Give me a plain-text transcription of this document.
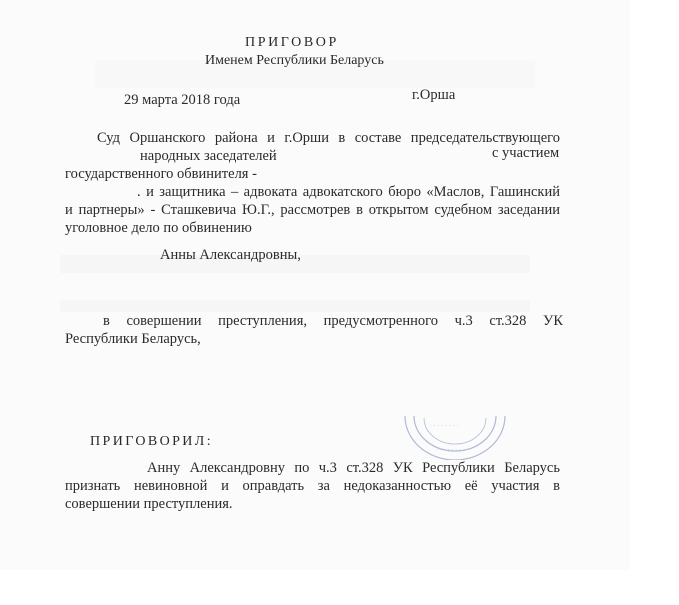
ПРИГОВОР
Именем Республики Беларусь
29 марта 2018 года	г.Орша
Суд Оршанского района и г.Орши в составе председательствующего
народных заседателей	с участием
государственного обвинителя -
. и защитника – адвоката адвокатского бюро «Маслов, Гашинский
и партнеры» - Сташкевича Ю.Г., рассмотрев в открытом судебном заседании
уголовное дело по обвинению
Анны Александровны,
в совершении преступления, предусмотренного ч.3 ст.328 УК
Республики Беларусь,
· · · · · · ·
· · · · · · · ·
ПРИГОВОРИЛ:
Анну Александровну по ч.3 ст.328 УК Республики Беларусь
признать невиновной и оправдать за недоказанностью её участия в
совершении преступления.
